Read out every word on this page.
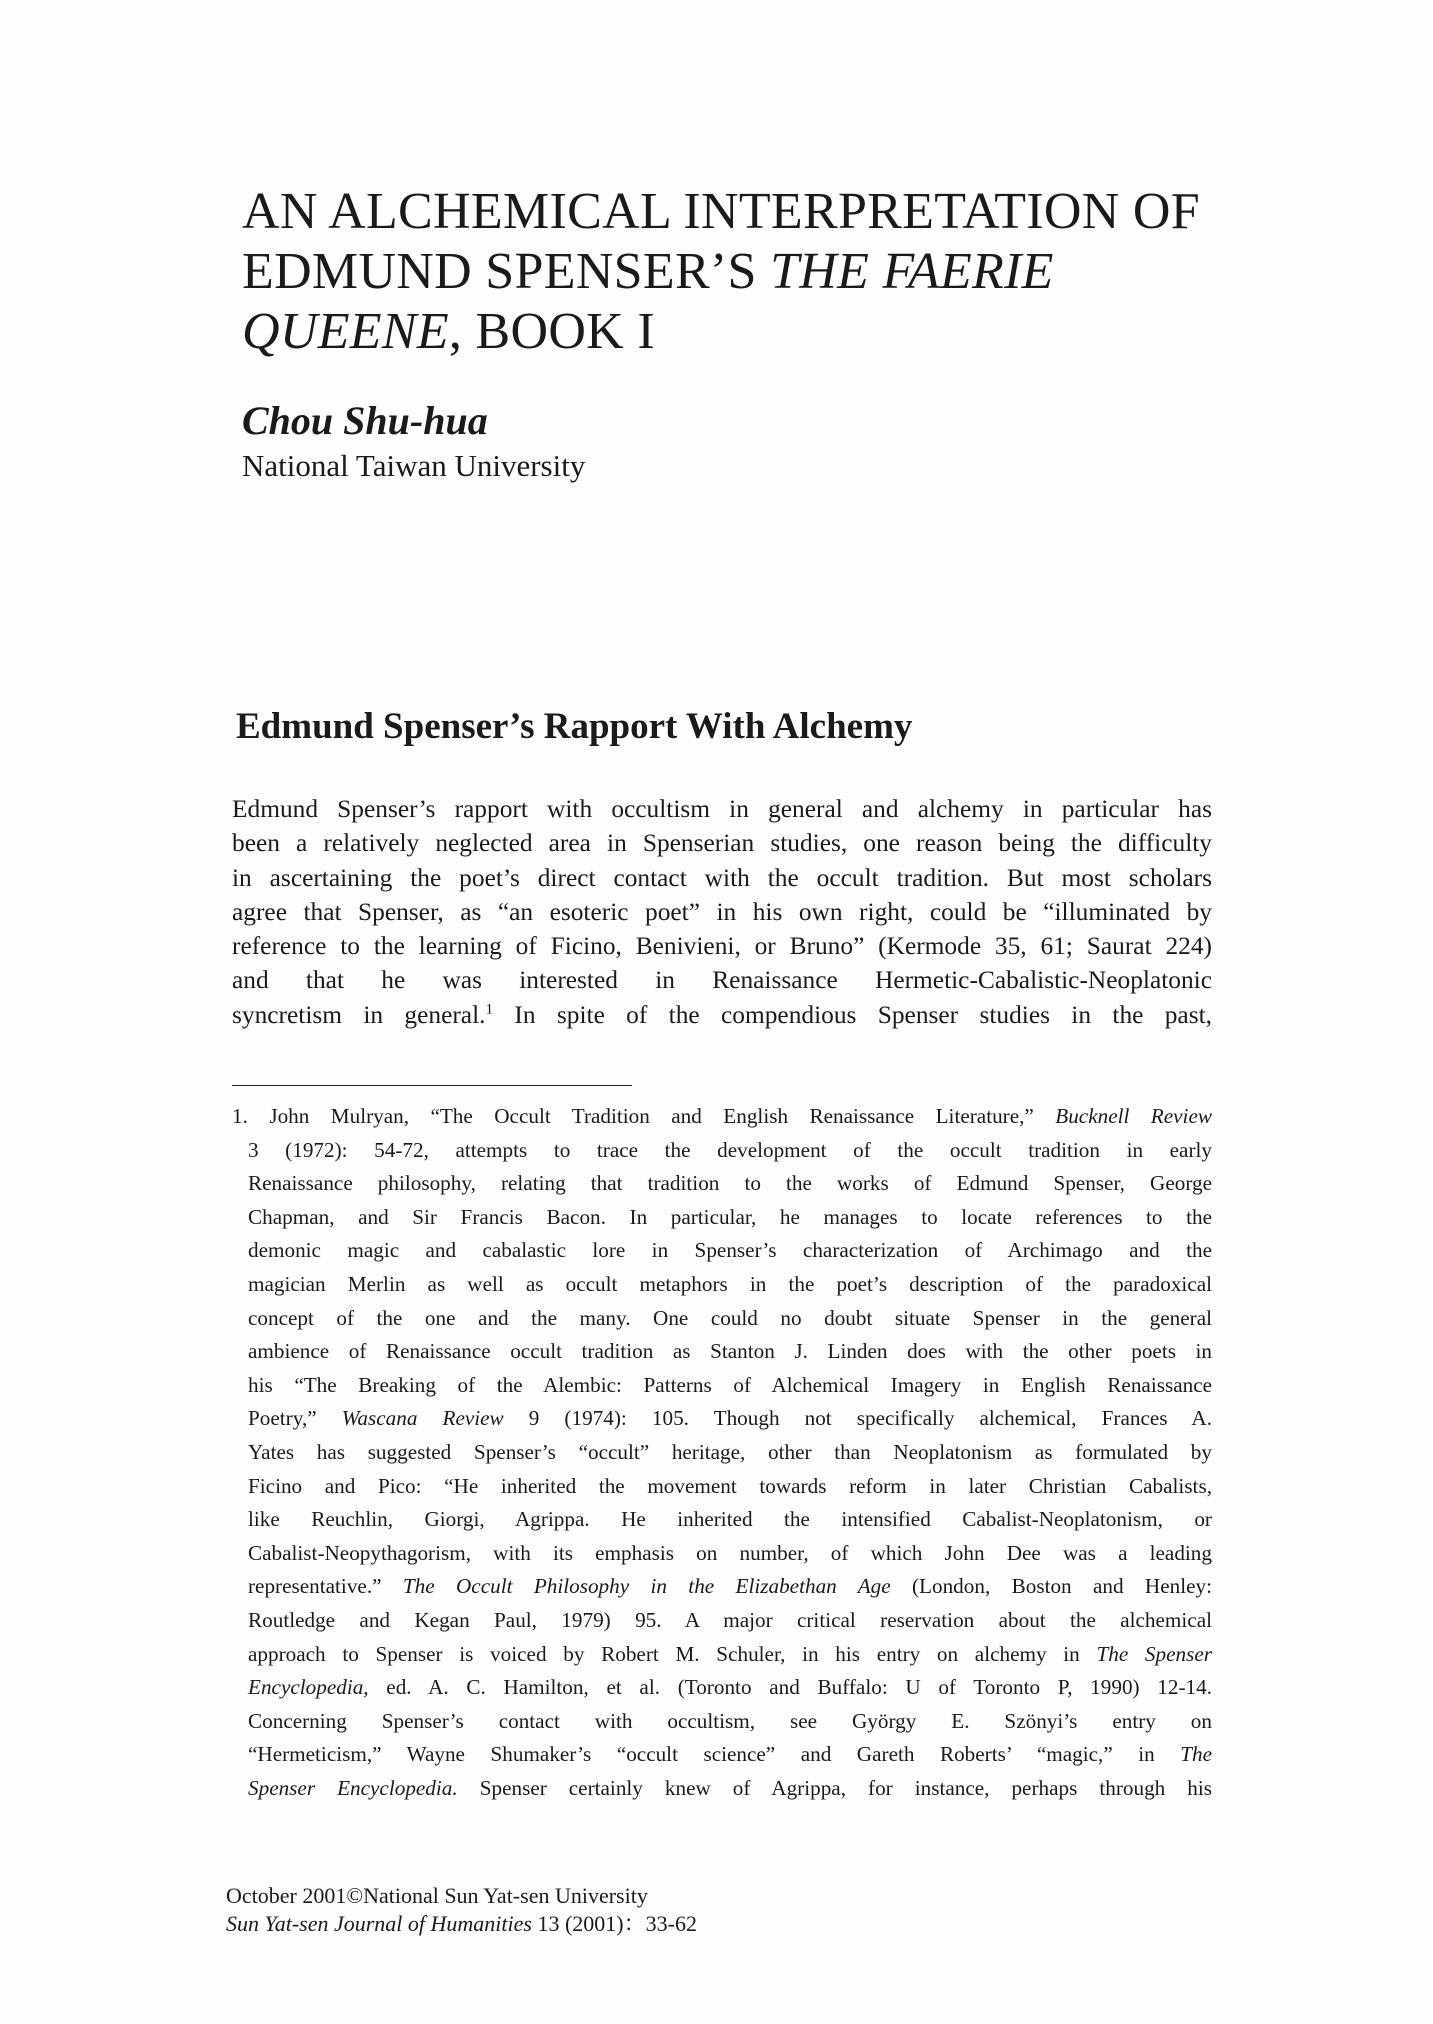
AN ALCHEMICAL INTERPRETATION OF
EDMUND SPENSER’S THE FAERIE
QUEENE, BOOK I

Chou Shu-hua

National Taiwan University

Edmund Spenser’s Rapport With Alchemy
Edmund Spenser’s rapport with occultism in general and alchemy in particular has
been a relatively neglected area in Spenserian studies, one reason being the difficulty
in ascertaining the poet’s direct contact with the occult tradition. But most scholars
agree that Spenser, as “an esoteric poet” in his own right, could be “illuminated by
reference to the learning of Ficino, Benivieni, or Bruno” (Kermode 35, 61; Saurat 224)
and that he was interested in Renaissance Hermetic-Cabalistic-Neoplatonic
syncretism in general.$^1$ In spite of the compendious Spenser studies in the past,
1. John Mulryan, “The Occult Tradition and English Renaissance Literature,” Bucknell Review
3 (1972): 54-72, attempts to trace the development of the occult tradition in early
Renaissance philosophy, relating that tradition to the works of Edmund Spenser, George
Chapman, and Sir Francis Bacon. In particular, he manages to locate references to the
demonic magic and cabalastic lore in Spenser’s characterization of Archimago and the
magician Merlin as well as occult metaphors in the poet’s description of the paradoxical
concept of the one and the many. One could no doubt situate Spenser in the general
ambience of Renaissance occult tradition as Stanton J. Linden does with the other poets in
his “The Breaking of the Alembic: Patterns of Alchemical Imagery in English Renaissance
Poetry,” Wascana Review 9 (1974): 105. Though not specifically alchemical, Frances A.
Yates has suggested Spenser’s “occult” heritage, other than Neoplatonism as formulated by
Ficino and Pico: “He inherited the movement towards reform in later Christian Cabalists,
like Reuchlin, Giorgi, Agrippa. He inherited the intensified Cabalist-Neoplatonism, or
Cabalist-Neopythagorism, with its emphasis on number, of which John Dee was a leading
representative.” The Occult Philosophy in the Elizabethan Age (London, Boston and Henley:
Routledge and Kegan Paul, 1979) 95. A major critical reservation about the alchemical
approach to Spenser is voiced by Robert M. Schuler, in his entry on alchemy in The Spenser
Encyclopedia, ed. A. C. Hamilton, et al. (Toronto and Buffalo: U of Toronto P, 1990) 12-14.
Concerning Spenser’s contact with occultism, see György E. Szönyi’s entry on
“Hermeticism,” Wayne Shumaker’s “occult science” and Gareth Roberts’ “magic,” in The
Spenser Encyclopedia. Spenser certainly knew of Agrippa, for instance, perhaps through his
October 2001©National Sun Yat-sen University
Sun Yat-sen Journal of Humanities 13 (2001)：33-62
